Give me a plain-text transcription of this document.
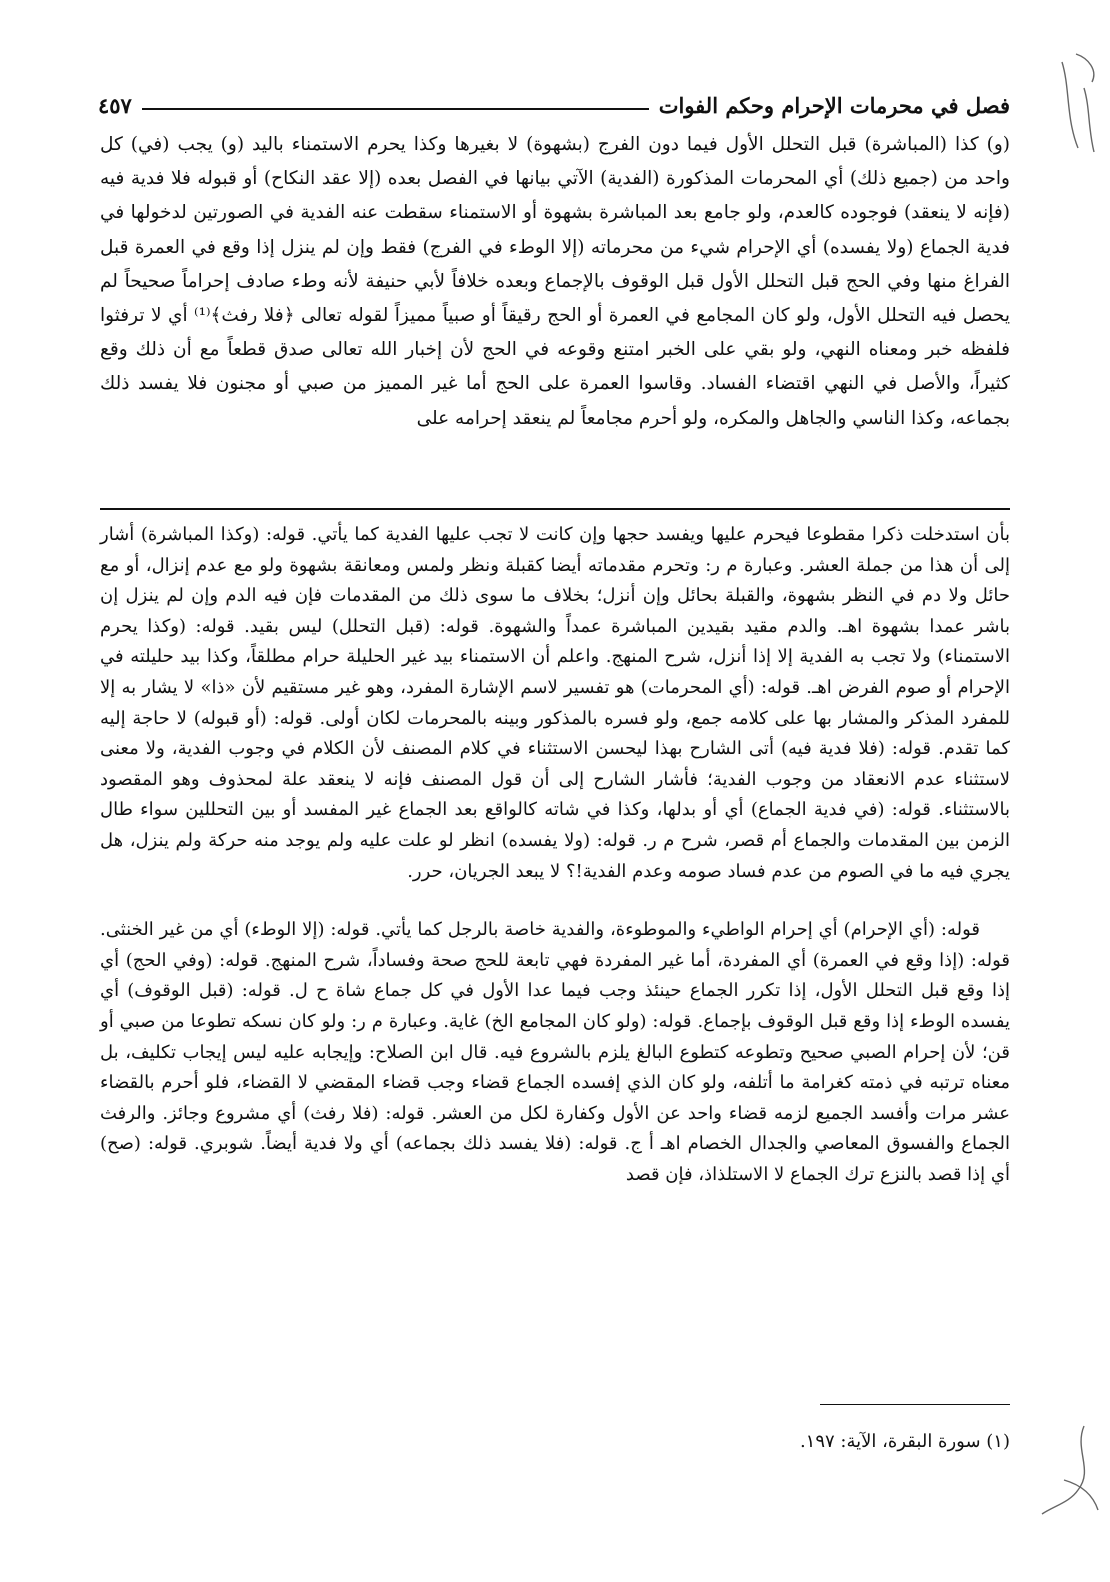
فصل في محرمات الإحرام وحكم الفوات
٤٥٧

(و) كذا (المباشرة) قبل التحلل الأول فيما دون الفرج (بشهوة) لا بغيرها وكذا يحرم الاستمناء باليد (و) يجب (في) كل واحد من (جميع ذلك) أي المحرمات المذكورة (الفدية) الآتي بيانها في الفصل بعده (إلا عقد النكاح) أو قبوله فلا فدية فيه (فإنه لا ينعقد) فوجوده كالعدم، ولو جامع بعد المباشرة بشهوة أو الاستمناء سقطت عنه الفدية في الصورتين لدخولها في فدية الجماع (ولا يفسده) أي الإحرام شيء من محرماته (إلا الوطء في الفرج) فقط وإن لم ينزل إذا وقع في العمرة قبل الفراغ منها وفي الحج قبل التحلل الأول قبل الوقوف بالإجماع وبعده خلافاً لأبي حنيفة لأنه وطء صادف إحراماً صحيحاً لم يحصل فيه التحلل الأول، ولو كان المجامع في العمرة أو الحج رقيقاً أو صبياً مميزاً لقوله تعالى ﴿فلا رفث﴾⁽¹⁾ أي لا ترفثوا فلفظه خبر ومعناه النهي، ولو بقي على الخبر امتنع وقوعه في الحج لأن إخبار الله تعالى صدق قطعاً مع أن ذلك وقع كثيراً، والأصل في النهي اقتضاء الفساد. وقاسوا العمرة على الحج أما غير المميز من صبي أو مجنون فلا يفسد ذلك بجماعه، وكذا الناسي والجاهل والمكره، ولو أحرم مجامعاً لم ينعقد إحرامه على

بأن استدخلت ذكرا مقطوعا فيحرم عليها ويفسد حجها وإن كانت لا تجب عليها الفدية كما يأتي. قوله: (وكذا المباشرة) أشار إلى أن هذا من جملة العشر. وعبارة م ر: وتحرم مقدماته أيضا كقبلة ونظر ولمس ومعانقة بشهوة ولو مع عدم إنزال، أو مع حائل ولا دم في النظر بشهوة، والقبلة بحائل وإن أنزل؛ بخلاف ما سوى ذلك من المقدمات فإن فيه الدم وإن لم ينزل إن باشر عمدا بشهوة اهـ. والدم مقيد بقيدين المباشرة عمداً والشهوة. قوله: (قبل التحلل) ليس بقيد. قوله: (وكذا يحرم الاستمناء) ولا تجب به الفدية إلا إذا أنزل، شرح المنهج. واعلم أن الاستمناء بيد غير الحليلة حرام مطلقاً، وكذا بيد حليلته في الإحرام أو صوم الفرض اهـ. قوله: (أي المحرمات) هو تفسير لاسم الإشارة المفرد، وهو غير مستقيم لأن «ذا» لا يشار به إلا للمفرد المذكر والمشار بها على كلامه جمع، ولو فسره بالمذكور وبينه بالمحرمات لكان أولى. قوله: (أو قبوله) لا حاجة إليه كما تقدم. قوله: (فلا فدية فيه) أتى الشارح بهذا ليحسن الاستثناء في كلام المصنف لأن الكلام في وجوب الفدية، ولا معنى لاستثناء عدم الانعقاد من وجوب الفدية؛ فأشار الشارح إلى أن قول المصنف فإنه لا ينعقد علة لمحذوف وهو المقصود بالاستثناء. قوله: (في فدية الجماع) أي أو بدلها، وكذا في شاته كالواقع بعد الجماع غير المفسد أو بين التحللين سواء طال الزمن بين المقدمات والجماع أم قصر، شرح م ر. قوله: (ولا يفسده) انظر لو علت عليه ولم يوجد منه حركة ولم ينزل، هل يجري فيه ما في الصوم من عدم فساد صومه وعدم الفدية!؟ لا يبعد الجريان، حرر.

قوله: (أي الإحرام) أي إحرام الواطيء والموطوءة، والفدية خاصة بالرجل كما يأتي. قوله: (إلا الوطء) أي من غير الخنثى. قوله: (إذا وقع في العمرة) أي المفردة، أما غير المفردة فهي تابعة للحج صحة وفساداً، شرح المنهج. قوله: (وفي الحج) أي إذا وقع قبل التحلل الأول، إذا تكرر الجماع حينئذ وجب فيما عدا الأول في كل جماع شاة ح ل. قوله: (قبل الوقوف) أي يفسده الوطء إذا وقع قبل الوقوف بإجماع. قوله: (ولو كان المجامع الخ) غاية. وعبارة م ر: ولو كان نسكه تطوعا من صبي أو قن؛ لأن إحرام الصبي صحيح وتطوعه كتطوع البالغ يلزم بالشروع فيه. قال ابن الصلاح: وإيجابه عليه ليس إيجاب تكليف، بل معناه ترتبه في ذمته كغرامة ما أتلفه، ولو كان الذي إفسده الجماع قضاء وجب قضاء المقضي لا القضاء، فلو أحرم بالقضاء عشر مرات وأفسد الجميع لزمه قضاء واحد عن الأول وكفارة لكل من العشر. قوله: (فلا رفث) أي مشروع وجائز. والرفث الجماع والفسوق المعاصي والجدال الخصام اهـ أ ج. قوله: (فلا يفسد ذلك بجماعه) أي ولا فدية أيضاً. شوبري. قوله: (صح) أي إذا قصد بالنزع ترك الجماع لا الاستلذاذ، فإن قصد

(١) سورة البقرة، الآية: ١٩٧.
